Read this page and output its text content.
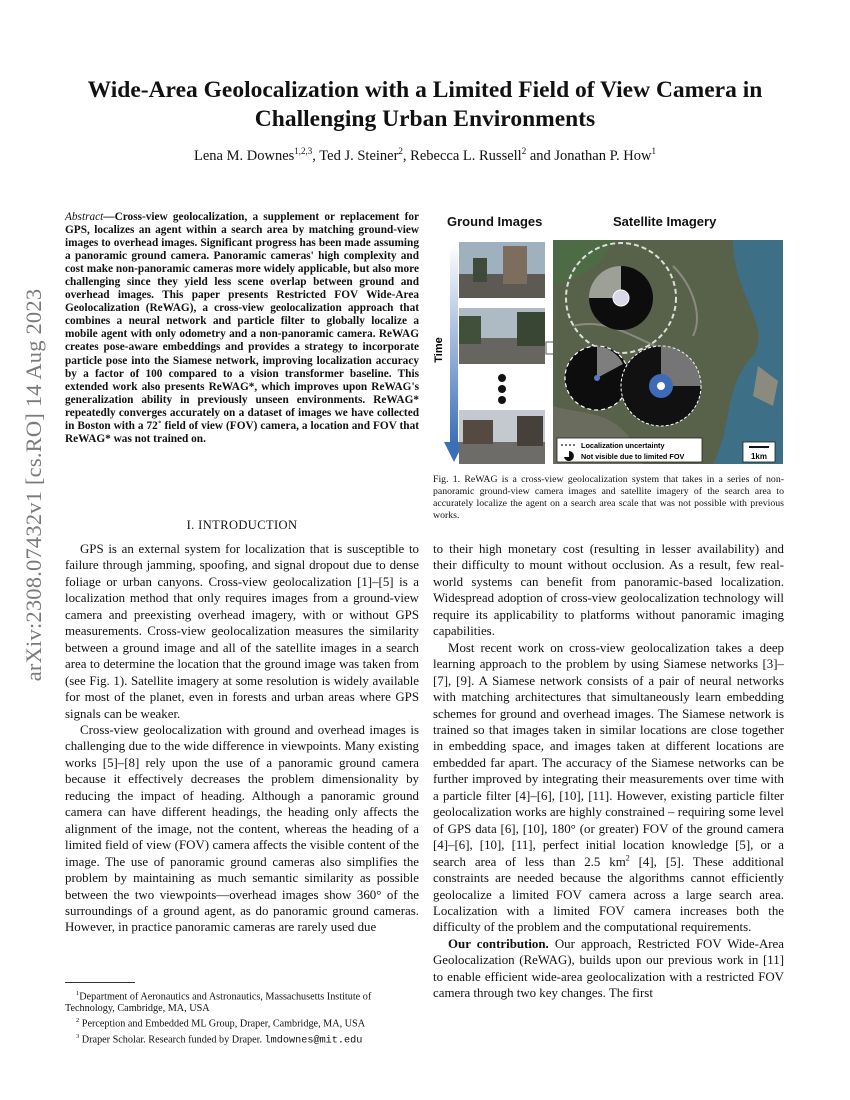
arXiv:2308.07432v1 [cs.RO] 14 Aug 2023
Wide-Area Geolocalization with a Limited Field of View Camera in Challenging Urban Environments
Lena M. Downes$^{1,2,3}$, Ted J. Steiner$^2$, Rebecca L. Russell$^2$ and Jonathan P. How$^1$
Abstract—Cross-view geolocalization, a supplement or replacement for GPS, localizes an agent within a search area by matching ground-view images to overhead images. Significant progress has been made assuming a panoramic ground camera. Panoramic cameras' high complexity and cost make non-panoramic cameras more widely applicable, but also more challenging since they yield less scene overlap between ground and overhead images. This paper presents Restricted FOV Wide-Area Geolocalization (ReWAG), a cross-view geolocalization approach that combines a neural network and particle filter to globally localize a mobile agent with only odometry and a non-panoramic camera. ReWAG creates pose-aware embeddings and provides a strategy to incorporate particle pose into the Siamese network, improving localization accuracy by a factor of 100 compared to a vision transformer baseline. This extended work also presents ReWAG*, which improves upon ReWAG's generalization ability in previously unseen environments. ReWAG* repeatedly converges accurately on a dataset of images we have collected in Boston with a 72∘ field of view (FOV) camera, a location and FOV that ReWAG* was not trained on.
I. INTRODUCTION

GPS is an external system for localization that is susceptible to failure through jamming, spoofing, and signal dropout due to dense foliage or urban canyons. Cross-view geolocalization [1]–[5] is a localization method that only requires images from a ground-view camera and preexisting overhead imagery, with or without GPS measurements. Cross-view geolocalization measures the similarity between a ground image and all of the satellite images in a search area to determine the location that the ground image was taken from (see Fig. 1). Satellite imagery at some resolution is widely available for most of the planet, even in forests and urban areas where GPS signals can be weaker.

Cross-view geolocalization with ground and overhead images is challenging due to the wide difference in viewpoints. Many existing works [5]–[8] rely upon the use of a panoramic ground camera because it effectively decreases the problem dimensionality by reducing the impact of heading. Although a panoramic ground camera can have different headings, the heading only affects the alignment of the image, not the content, whereas the heading of a limited field of view (FOV) camera affects the visible content of the image. The use of panoramic ground cameras also simplifies the problem by maintaining as much semantic similarity as possible between the two viewpoints—overhead images show 360° of the surroundings of a ground agent, as do panoramic ground cameras. However, in practice panoramic cameras are rarely used due

$^1$Department of Aeronautics and Astronautics, Massachusetts Institute of Technology, Cambridge, MA, USA

$^2$ Perception and Embedded ML Group, Draper, Cambridge, MA, USA

$^3$ Draper Scholar. Research funded by Draper. lmdownes@mit.edu

Ground Images	Satellite Imagery
Time
Localization uncertainty
Not visible due to limited FOV	1km
Fig. 1. ReWAG is a cross-view geolocalization system that takes in a series of non-panoramic ground-view camera images and satellite imagery of the search area to accurately localize the agent on a search area scale that was not possible with previous works.

to their high monetary cost (resulting in lesser availability) and their difficulty to mount without occlusion. As a result, few real-world systems can benefit from panoramic-based localization. Widespread adoption of cross-view geolocalization technology will require its applicability to platforms without panoramic imaging capabilities.

Most recent work on cross-view geolocalization takes a deep learning approach to the problem by using Siamese networks [3]–[7], [9]. A Siamese network consists of a pair of neural networks with matching architectures that simultaneously learn embedding schemes for ground and overhead images. The Siamese network is trained so that images taken in similar locations are close together in embedding space, and images taken at different locations are embedded far apart. The accuracy of the Siamese networks can be further improved by integrating their measurements over time with a particle filter [4]–[6], [10], [11]. However, existing particle filter geolocalization works are highly constrained – requiring some level of GPS data [6], [10], 180° (or greater) FOV of the ground camera [4]–[6], [10], [11], perfect initial location knowledge [5], or a search area of less than 2.5 $km^2$ [4], [5]. These additional constraints are needed because the algorithms cannot efficiently geolocalize a limited FOV camera across a large search area. Localization with a limited FOV camera increases both the difficulty of the problem and the computational requirements.

Our contribution. Our approach, Restricted FOV Wide-Area Geolocalization (ReWAG), builds upon our previous work in [11] to enable efficient wide-area geolocalization with a restricted FOV camera through two key changes. The first
